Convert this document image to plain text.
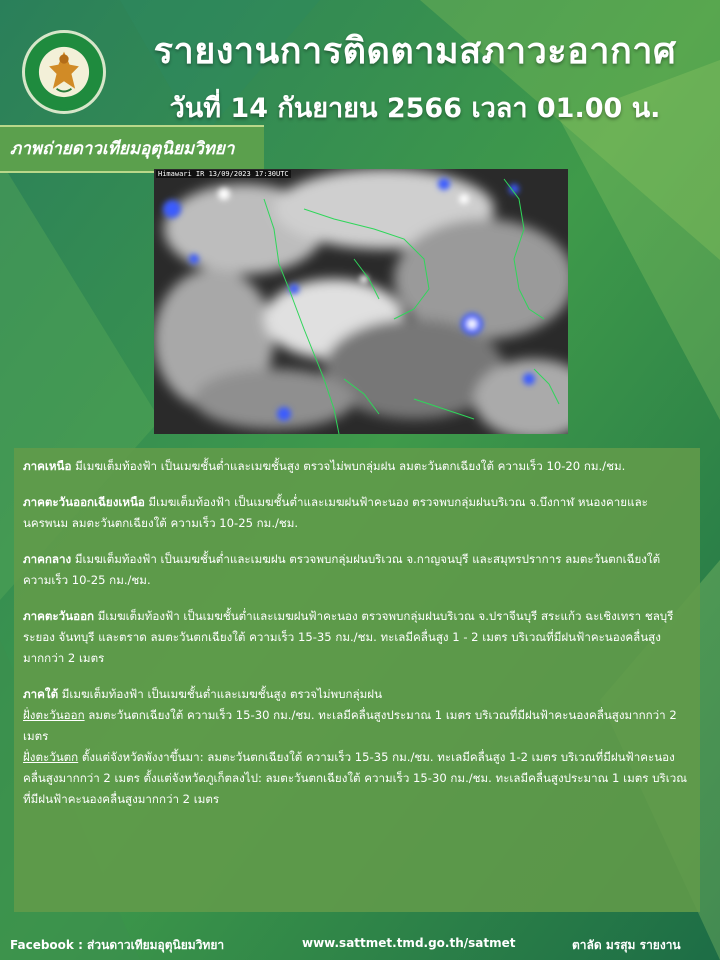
รายงานการติดตามสภาวะอากาศ
วันที่ 14 กันยายน 2566 เวลา 01.00 น.
ภาพถ่ายดาวเทียมอุตุนิยมวิทยา
Himawari IR 13/09/2023 17:30UTC

ภาคเหนือ มีเมฆเต็มท้องฟ้า เป็นเมฆชั้นต่ำและเมฆชั้นสูง ตรวจไม่พบกลุ่มฝน ลมตะวันตกเฉียงใต้ ความเร็ว 10-20 กม./ชม.

ภาคตะวันออกเฉียงเหนือ มีเมฆเต็มท้องฟ้า เป็นเมฆชั้นต่ำและเมฆฝนฟ้าคะนอง ตรวจพบกลุ่มฝนบริเวณ จ.บึงกาฬ หนองคายและนครพนม ลมตะวันตกเฉียงใต้ ความเร็ว 10-25 กม./ชม.

ภาคกลาง มีเมฆเต็มท้องฟ้า เป็นเมฆชั้นต่ำและเมฆฝน ตรวจพบกลุ่มฝนบริเวณ จ.กาญจนบุรี และสมุทรปราการ ลมตะวันตกเฉียงใต้ ความเร็ว 10-25 กม./ชม.

ภาคตะวันออก มีเมฆเต็มท้องฟ้า เป็นเมฆชั้นต่ำและเมฆฝนฟ้าคะนอง ตรวจพบกลุ่มฝนบริเวณ จ.ปราจีนบุรี สระแก้ว ฉะเชิงเทรา ชลบุรี ระยอง จันทบุรี และตราด ลมตะวันตกเฉียงใต้ ความเร็ว 15-35 กม./ชม. ทะเลมีคลื่นสูง 1 - 2 เมตร บริเวณที่มีฝนฟ้าคะนองคลื่นสูงมากกว่า 2 เมตร

ภาคใต้ มีเมฆเต็มท้องฟ้า เป็นเมฆชั้นต่ำและเมฆชั้นสูง ตรวจไม่พบกลุ่มฝน
ฝั่งตะวันออก ลมตะวันตกเฉียงใต้ ความเร็ว 15-30 กม./ชม. ทะเลมีคลื่นสูงประมาณ 1 เมตร บริเวณที่มีฝนฟ้าคะนองคลื่นสูงมากกว่า 2 เมตร
ฝั่งตะวันตก ตั้งแต่จังหวัดพังงาขึ้นมา: ลมตะวันตกเฉียงใต้ ความเร็ว 15-35 กม./ชม. ทะเลมีคลื่นสูง 1-2 เมตร บริเวณที่มีฝนฟ้าคะนองคลื่นสูงมากกว่า 2 เมตร ตั้งแต่จังหวัดภูเก็ตลงไป: ลมตะวันตกเฉียงใต้ ความเร็ว 15-30 กม./ชม. ทะเลมีคลื่นสูงประมาณ 1 เมตร บริเวณที่มีฝนฟ้าคะนองคลื่นสูงมากกว่า 2 เมตร

Facebook : ส่วนดาวเทียมอุตุนิยมวิทยา	www.sattmet.tmd.go.th/satmet	ตาลัด มรสุม รายงาน
